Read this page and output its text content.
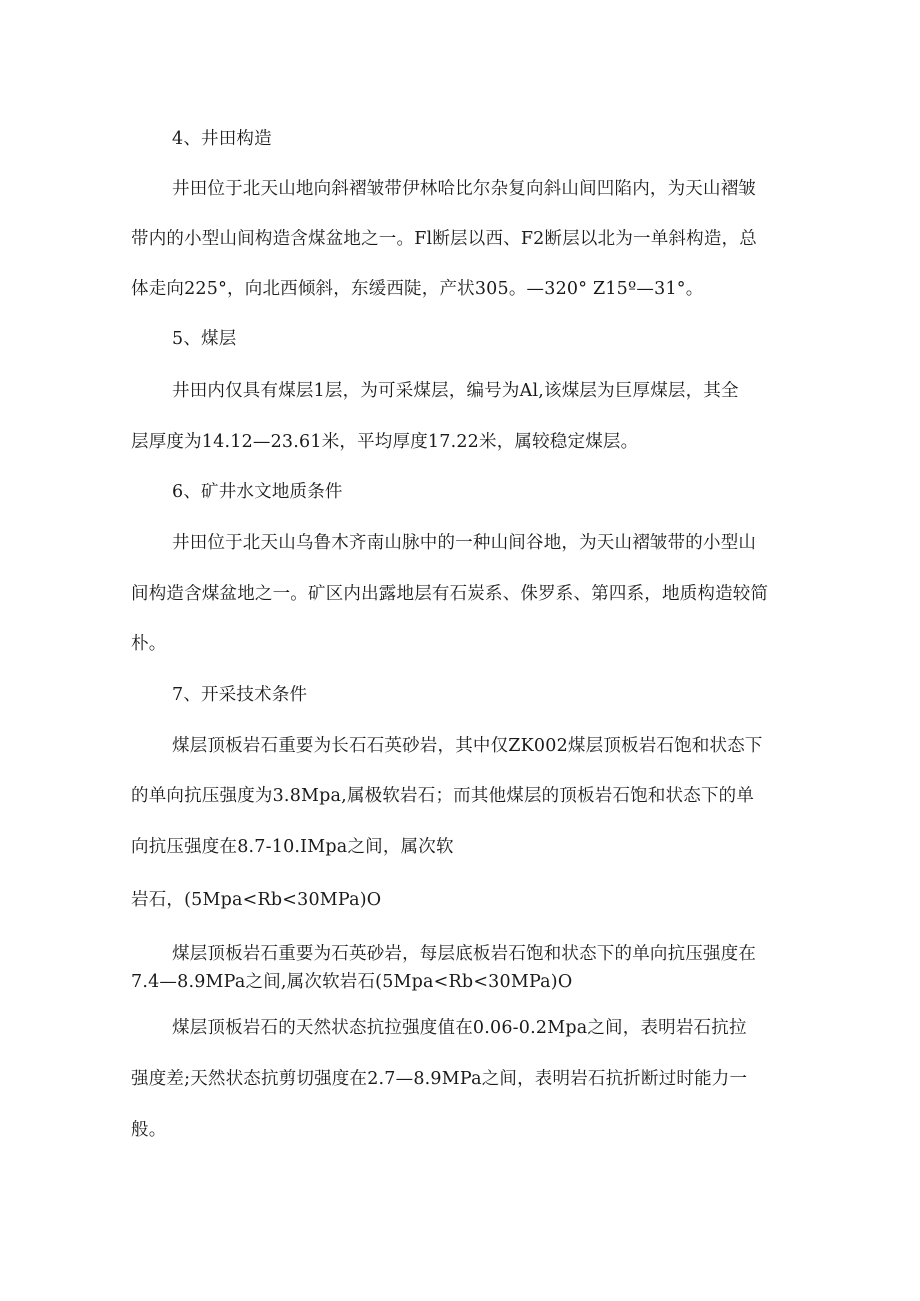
4、井田构造
井田位于北天山地向斜褶皱带伊林哈比尔杂复向斜山间凹陷内，为天山褶皱
带内的小型山间构造含煤盆地之一。Fl断层以西、F2断层以北为一单斜构造，总
体走向225°，向北西倾斜，东缓西陡，产状305。—320° Z15º—31°。
5、煤层
井田内仅具有煤层1层，为可采煤层，编号为Al,该煤层为巨厚煤层，其全
层厚度为14.12—23.61米，平均厚度17.22米，属较稳定煤层。
6、矿井水文地质条件
井田位于北天山乌鲁木齐南山脉中的一种山间谷地，为天山褶皱带的小型山
间构造含煤盆地之一。矿区内出露地层有石炭系、侏罗系、第四系，地质构造较简
朴。
7、开采技术条件
煤层顶板岩石重要为长石石英砂岩，其中仅ZK002煤层顶板岩石饱和状态下
的单向抗压强度为3.8Mpa,属极软岩石；而其他煤层的顶板岩石饱和状态下的单
向抗压强度在8.7-10.IMpa之间，属次软
岩石，(5Mpa<Rb<30MPa)O
煤层顶板岩石重要为石英砂岩，每层底板岩石饱和状态下的单向抗压强度在
7.4—8.9MPa之间,属次软岩石(5Mpa<Rb<30MPa)O
煤层顶板岩石的天然状态抗拉强度值在0.06-0.2Mpa之间，表明岩石抗拉
强度差;天然状态抗剪切强度在2.7—8.9MPa之间，表明岩石抗折断过时能力一
般。
